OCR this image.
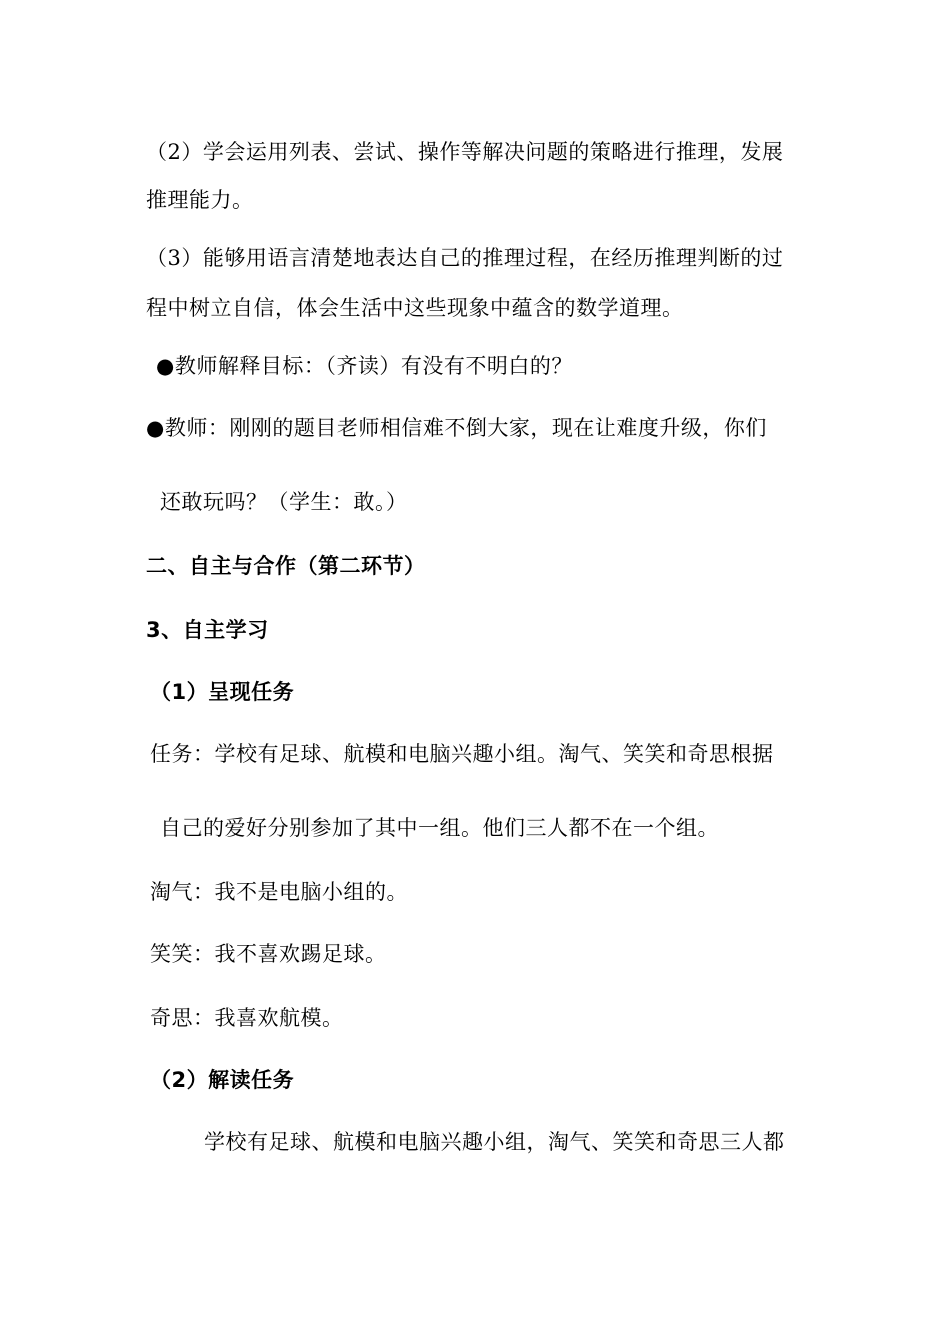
（2）学会运用列表、尝试、操作等解决问题的策略进行推理，发展
推理能力。
（3）能够用语言清楚地表达自己的推理过程，在经历推理判断的过
程中树立自信，体会生活中这些现象中蕴含的数学道理。
●教师解释目标：（齐读）有没有不明白的？
●教师：刚刚的题目老师相信难不倒大家，现在让难度升级，你们
还敢玩吗？（学生：敢。）
二、自主与合作（第二环节）
3、自主学习
（1）呈现任务
任务：学校有足球、航模和电脑兴趣小组。淘气、笑笑和奇思根据
自己的爱好分别参加了其中一组。他们三人都不在一个组。
淘气：我不是电脑小组的。
笑笑：我不喜欢踢足球。
奇思：我喜欢航模。
（2）解读任务
学校有足球、航模和电脑兴趣小组，淘气、笑笑和奇思三人都
